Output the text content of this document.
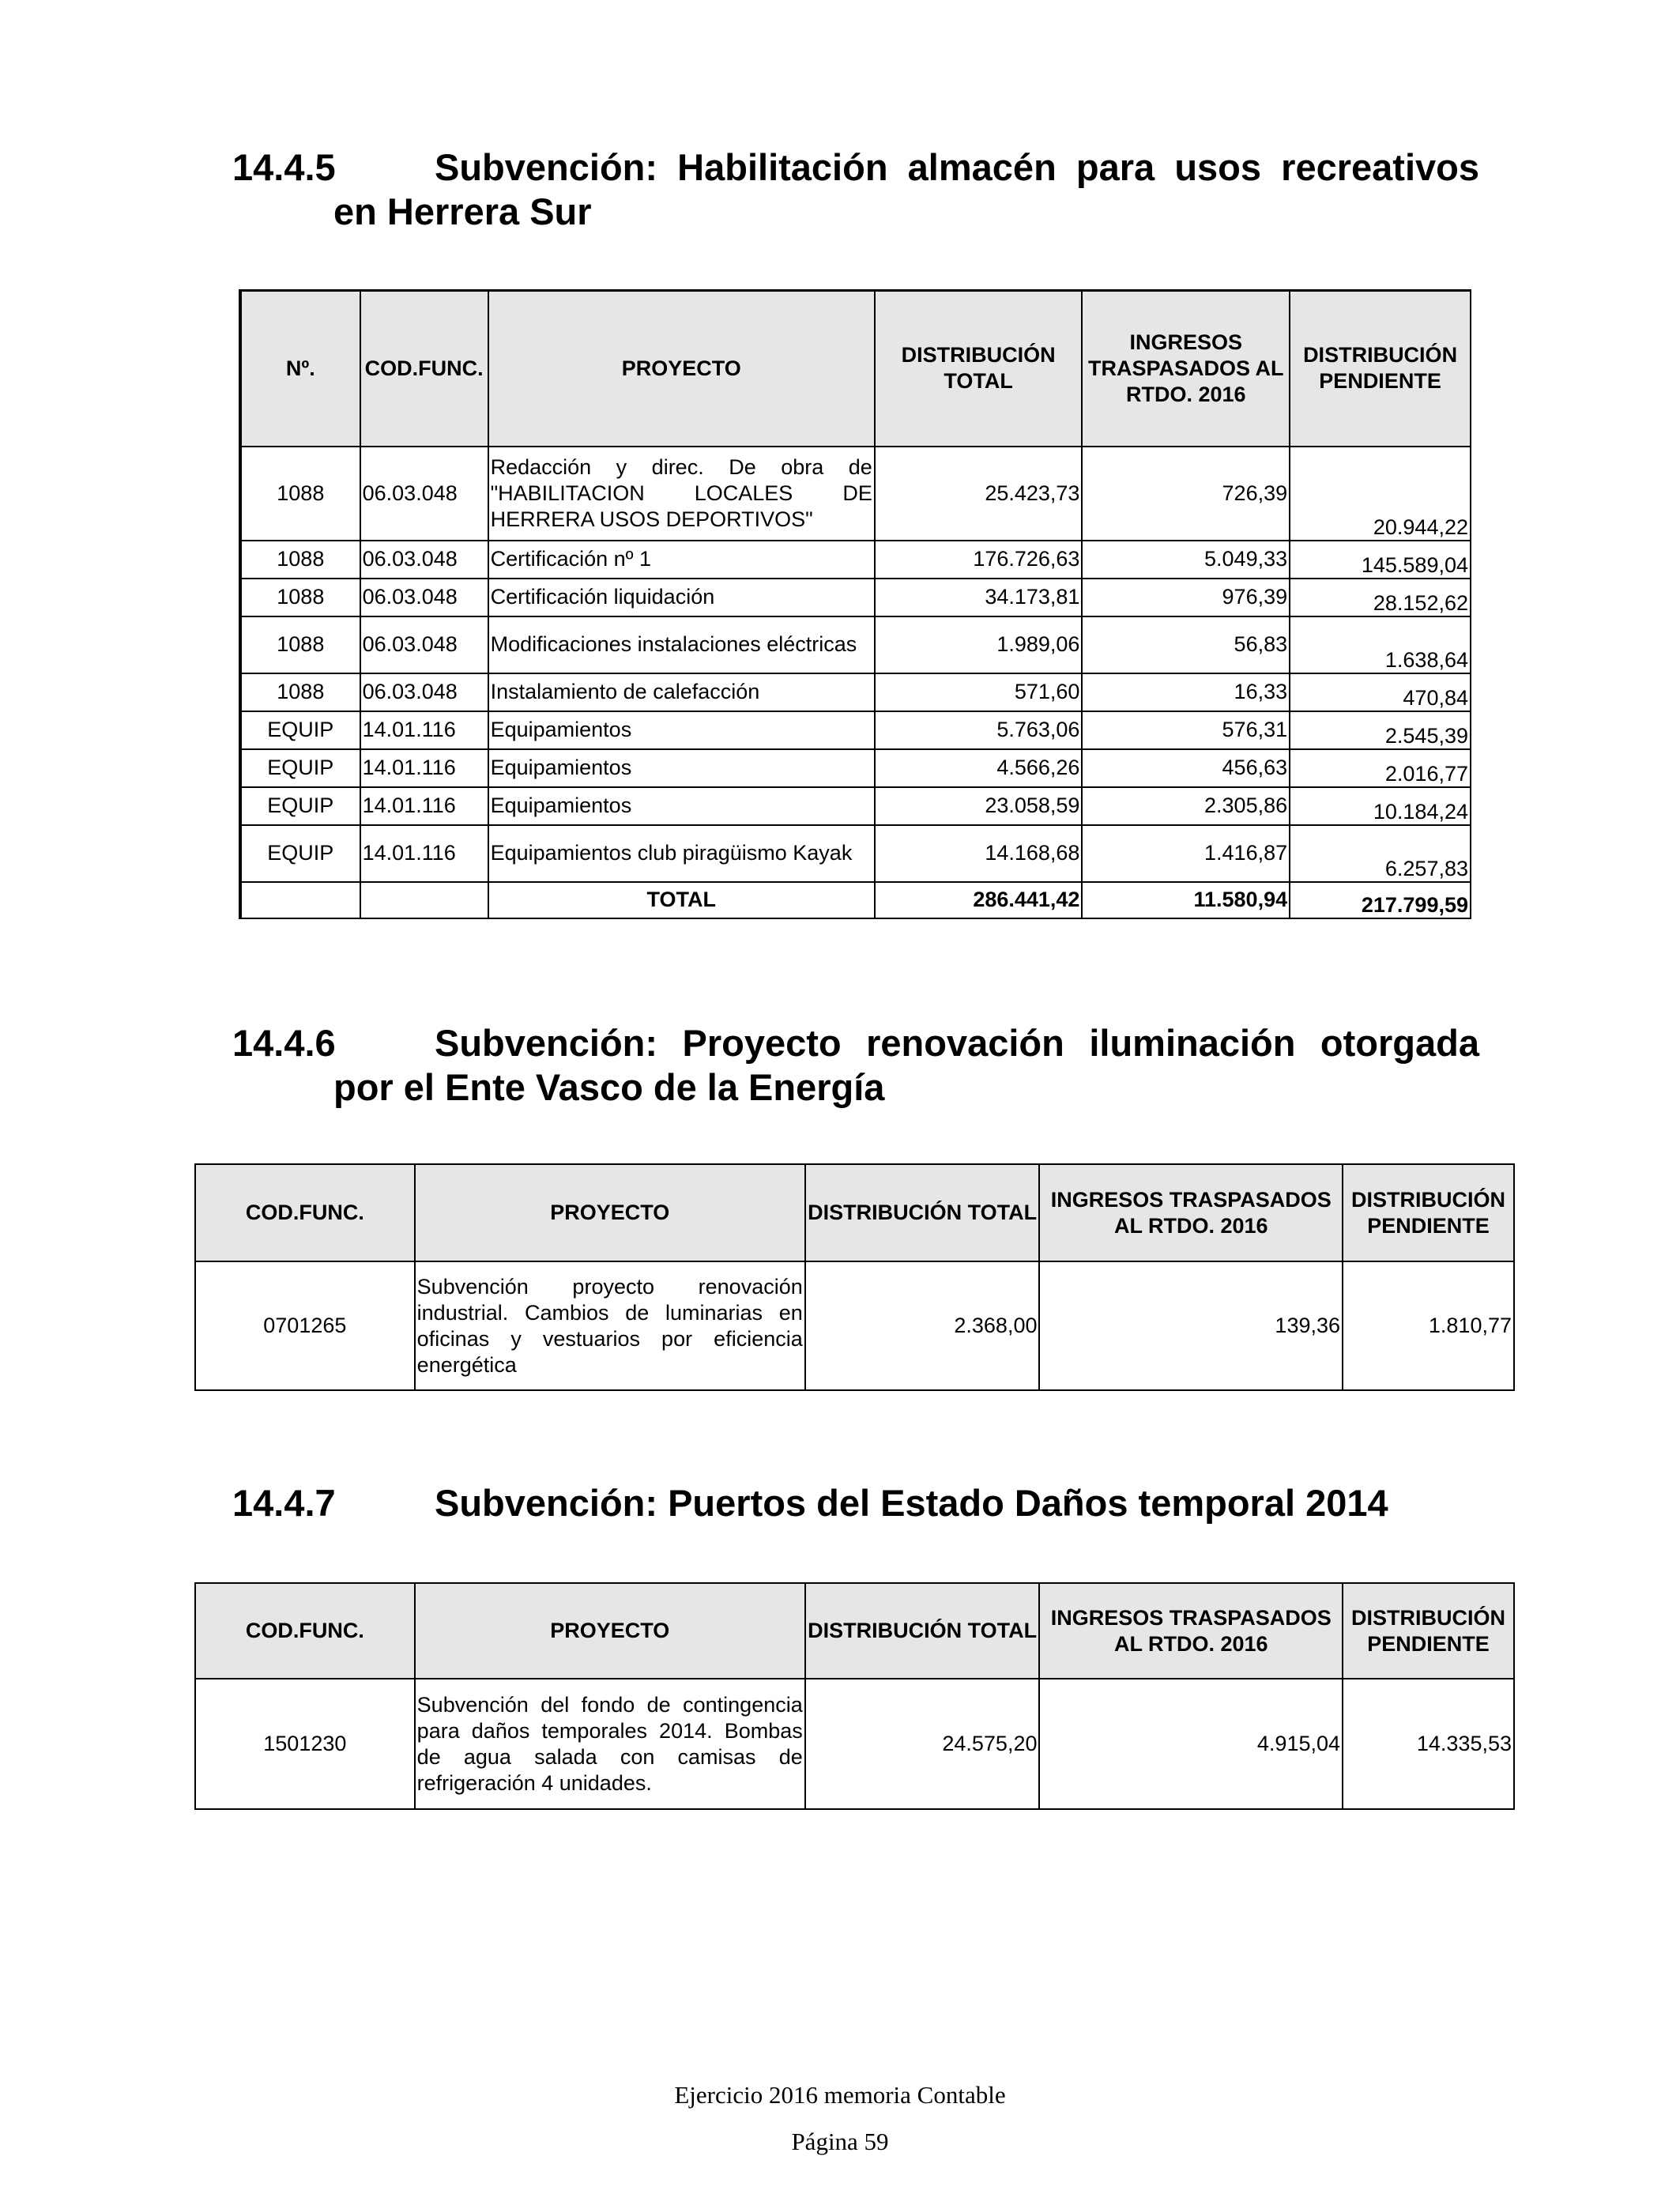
14.4.5	Subvención: Habilitación almacén para usos recreativos
en Herrera Sur
Nº.	COD.FUNC.	PROYECTO	DISTRIBUCIÓN TOTAL	INGRESOS TRASPASADOS AL RTDO. 2016	DISTRIBUCIÓN PENDIENTE
1088	06.03.048	Redacción y direc. De obra de "HABILITACION LOCALES DE HERRERA USOS DEPORTIVOS"	25.423,73	726,39	20.944,22
1088	06.03.048	Certificación nº 1	176.726,63	5.049,33	145.589,04
1088	06.03.048	Certificación liquidación	34.173,81	976,39	28.152,62
1088	06.03.048	Modificaciones instalaciones eléctricas	1.989,06	56,83	1.638,64
1088	06.03.048	Instalamiento de calefacción	571,60	16,33	470,84
EQUIP	14.01.116	Equipamientos	5.763,06	576,31	2.545,39
EQUIP	14.01.116	Equipamientos	4.566,26	456,63	2.016,77
EQUIP	14.01.116	Equipamientos	23.058,59	2.305,86	10.184,24
EQUIP	14.01.116	Equipamientos club piragüismo Kayak	14.168,68	1.416,87	6.257,83
		TOTAL	286.441,42	11.580,94	217.799,59
14.4.6	Subvención: Proyecto renovación iluminación otorgada
por el Ente Vasco de la Energía
COD.FUNC.	PROYECTO	DISTRIBUCIÓN TOTAL	INGRESOS TRASPASADOS AL RTDO. 2016	DISTRIBUCIÓN PENDIENTE
0701265	Subvención proyecto renovación industrial. Cambios de luminarias en oficinas y vestuarios por eficiencia energética	2.368,00	139,36	1.810,77
14.4.7	Subvención: Puertos del Estado Daños temporal 2014
COD.FUNC.	PROYECTO	DISTRIBUCIÓN TOTAL	INGRESOS TRASPASADOS AL RTDO. 2016	DISTRIBUCIÓN PENDIENTE
1501230	Subvención del fondo de contingencia para daños temporales 2014. Bombas de agua salada con camisas de refrigeración 4 unidades.	24.575,20	4.915,04	14.335,53
Ejercicio 2016 memoria Contable
Página 59
